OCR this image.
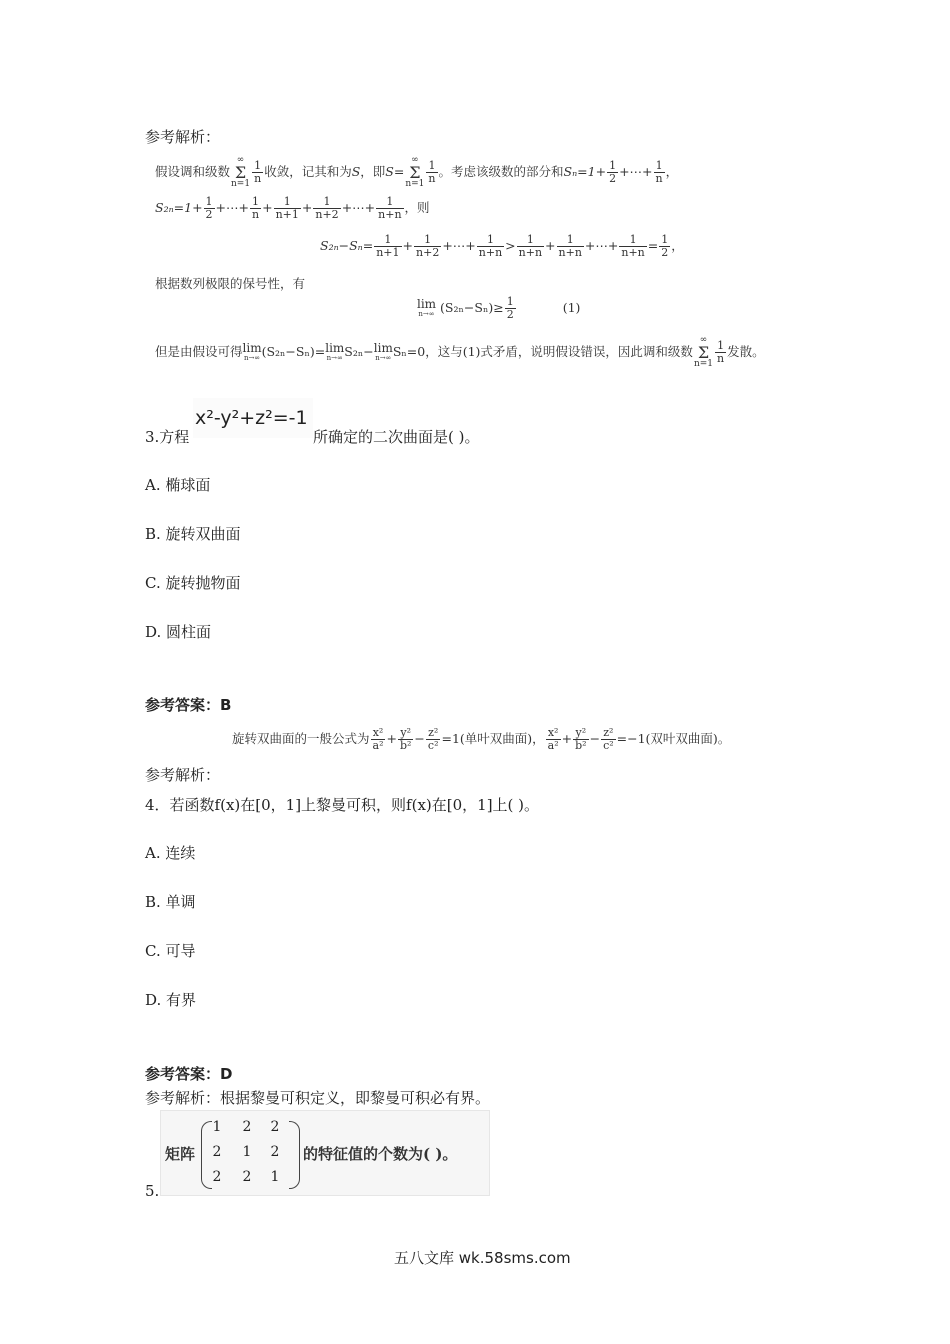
参考解析：
假设调和级数∞
Σ
$n=1 \frac{1}{n}$ 收敛，记其和为S，即S=∞
Σ
$n=1 \frac{1}{n}$ 。考虑该级数的部分和$S_n=1+ \frac{1}{2}$ +⋯+ $\frac{1}{n}$ ，
$S_{2n}=1+ \frac{1}{2}$ +⋯+ $\frac{1}{n} + \frac{1}{n+1} + \frac{1}{n+2}$ +⋯+ $\frac{1}{n+n}$ ，则
$S_{2n}-S_n= \frac{1}{n+1} + \frac{1}{n+2}$ +⋯+ $\frac{1}{n+n} > \frac{1}{n+n} + \frac{1}{n+n}$ +⋯+ $\frac{1}{n+n} = \frac{1}{2}$ ，
根据数列极限的保号性，有
lim
n→∞ $(S_{2n}-S_n)\ge \frac{1}{2}$	(1)
但是由假设可得lim
n→∞ (S₂ₙ−Sₙ)=lim
n→∞ S₂ₙ−lim
n→∞ Sₙ=0，这与(1)式矛盾，说明假设错误，因此调和级数∞
Σ
$n=1 \frac{1}{n}$ 发散。
3.方程
x²-y²+z²=-1
所确定的二次曲面是( )。
A. 椭球面
B. 旋转双曲面
C. 旋转抛物面
D. 圆柱面
参考答案：B
旋转双曲面的一般公式为 $\frac{\text{x²}}{\text{a²}} + \frac{\text{y²}}{\text{b²}} - \frac{\text{z²}}{\text{c²}} =1$(单叶双曲面)， $\frac{\text{x²}}{\text{a²}} + \frac{\text{y²}}{\text{b²}} - \frac{\text{z²}}{\text{c²}} =-1$(双叶双曲面)。
参考解析：
4．若函数f(x)在[0，1]上黎曼可积，则f(x)在[0，1]上( )。
A. 连续
B. 单调
C. 可导
D. 有界
参考答案：D
参考解析：根据黎曼可积定义，即黎曼可积必有界。
5.
矩阵
1	2	2
2	1	2
2	2	1
的特征值的个数为( )。
五八文库 wk.58sms.com
